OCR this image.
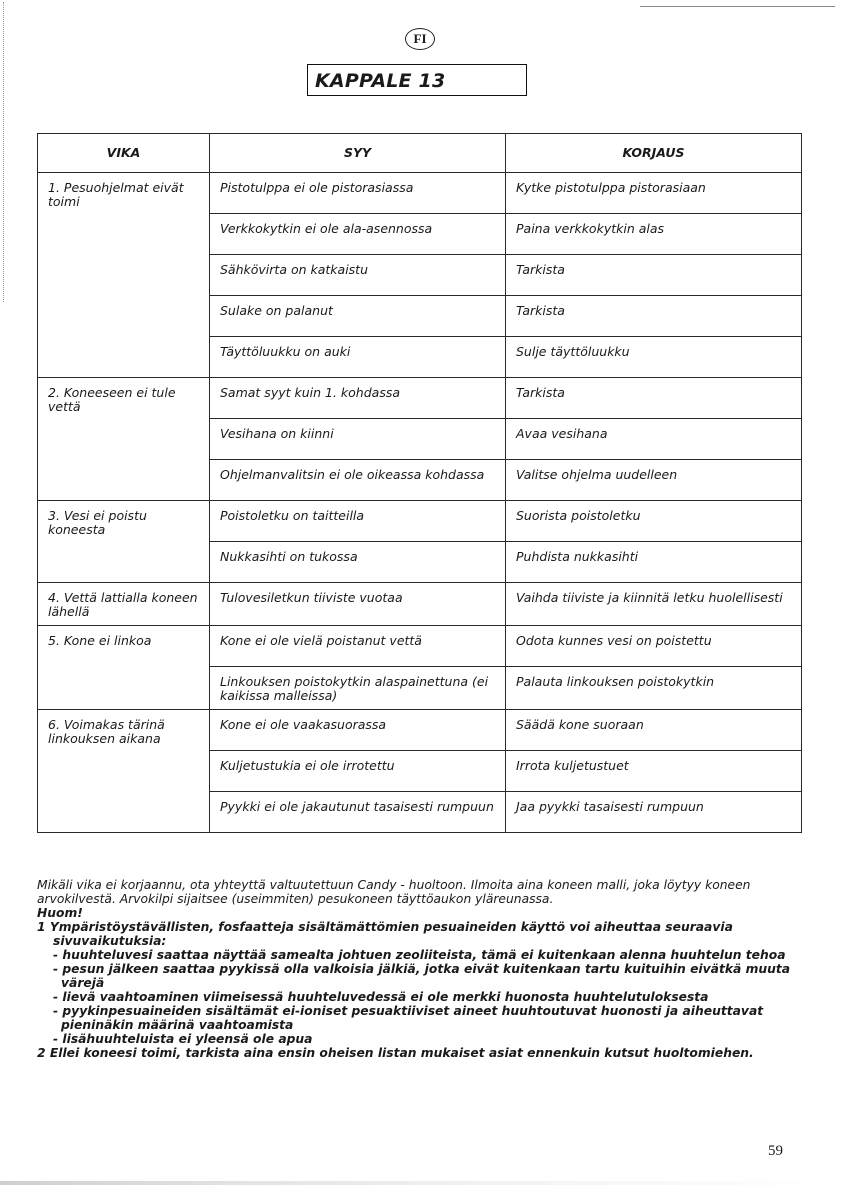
FI
KAPPALE 13
VIKA	SYY	KORJAUS
1. Pesuohjelmat eivät toimi	Pistotulppa ei ole pistorasiassa	Kytke pistotulppa pistorasiaan
	Verkkokytkin ei ole ala-asennossa	Paina verkkokytkin alas
	Sähkövirta on katkaistu	Tarkista
	Sulake on palanut	Tarkista
	Täyttöluukku on auki	Sulje täyttöluukku
2. Koneeseen ei tule vettä	Samat syyt kuin 1. kohdassa	Tarkista
	Vesihana on kiinni	Avaa vesihana
	Ohjelmanvalitsin ei ole oikeassa kohdassa	Valitse ohjelma uudelleen
3. Vesi ei poistu koneesta	Poistoletku on taitteilla	Suorista poistoletku
	Nukkasihti on tukossa	Puhdista nukkasihti
4. Vettä lattialla koneen lähellä	Tulovesiletkun tiiviste vuotaa	Vaihda tiiviste ja kiinnitä letku huolellisesti
5. Kone ei linkoa	Kone ei ole vielä poistanut vettä	Odota kunnes vesi on poistettu
	Linkouksen poistokytkin alaspainettuna (ei kaikissa malleissa)	Palauta linkouksen poistokytkin
6. Voimakas tärinä linkouksen aikana	Kone ei ole vaakasuorassa	Säädä kone suoraan
	Kuljetustukia ei ole irrotettu	Irrota kuljetustuet
	Pyykki ei ole jakautunut tasaisesti rumpuun	Jaa pyykki tasaisesti rumpuun

Mikäli vika ei korjaannu, ota yhteyttä valtuutettuun Candy - huoltoon. Ilmoita aina koneen malli, joka löytyy koneen arvokilvestä. Arvokilpi sijaitsee (useimmiten) pesukoneen täyttöaukon yläreunassa.

Huom!

1 Ympäristöystävällisten, fosfaatteja sisältämättömien pesuaineiden käyttö voi aiheuttaa seuraavia

sivuvaikutuksia:

- huuhteluvesi saattaa näyttää samealta johtuen zeoliiteista, tämä ei kuitenkaan alenna huuhtelun tehoa

- pesun jälkeen saattaa pyykissä olla valkoisia jälkiä, jotka eivät kuitenkaan tartu kuituihin eivätkä muuta värejä

- lievä vaahtoaminen viimeisessä huuhteluvedessä ei ole merkki huonosta huuhtelutuloksesta

- pyykinpesuaineiden sisältämät ei-ioniset pesuaktiiviset aineet huuhtoutuvat huonosti ja aiheuttavat pieninäkin määrinä vaahtoamista

- lisähuuhteluista ei yleensä ole apua

2 Ellei koneesi toimi, tarkista aina ensin oheisen listan mukaiset asiat ennenkuin kutsut huoltomiehen.

59
